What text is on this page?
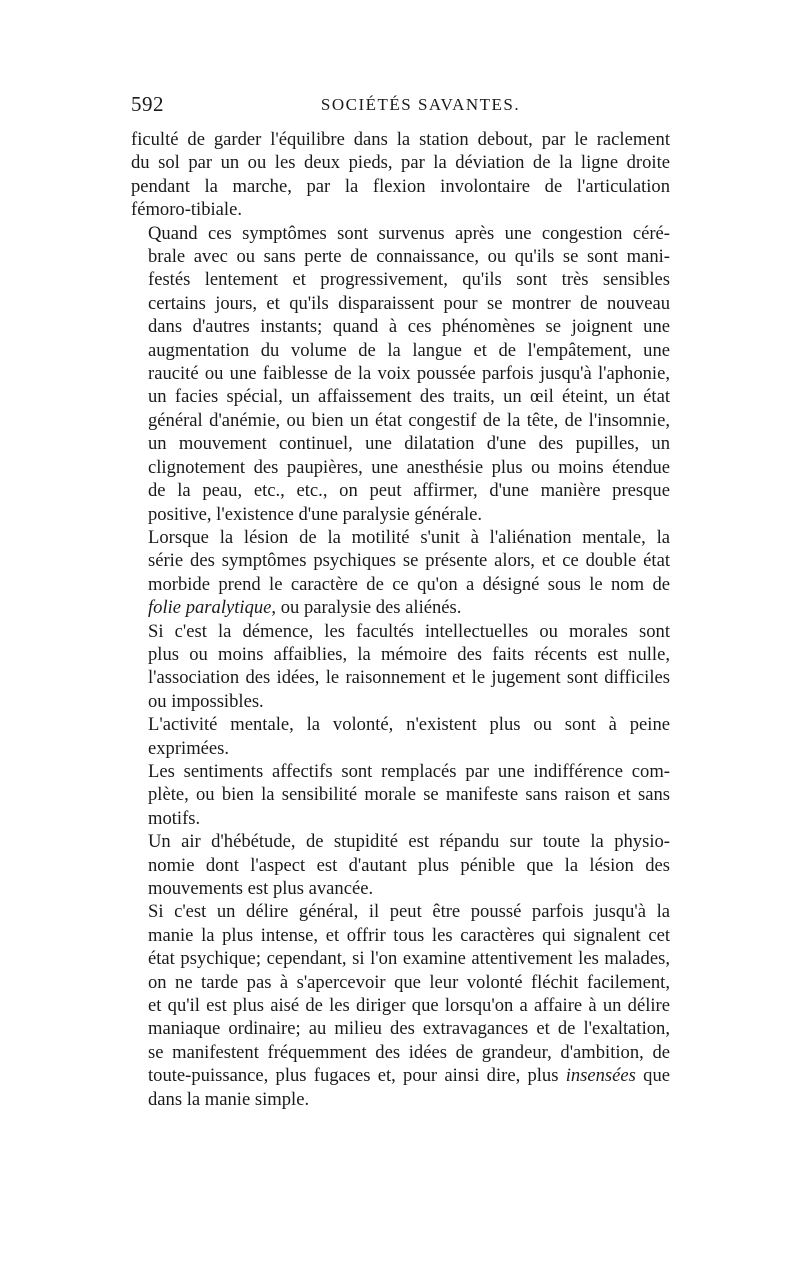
592	SOCIÉTÉS SAVANTES.

ficulté de garder l'équilibre dans la station debout, par le raclement
du sol par un ou les deux pieds, par la déviation de la ligne droite
pendant la marche, par la flexion involontaire de l'articulation
fémoro-tibiale.

Quand ces symptômes sont survenus après une congestion céré-
brale avec ou sans perte de connaissance, ou qu'ils se sont mani-
festés lentement et progressivement, qu'ils sont très sensibles
certains jours, et qu'ils disparaissent pour se montrer de nouveau
dans d'autres instants; quand à ces phénomènes se joignent une
augmentation du volume de la langue et de l'empâtement, une
raucité ou une faiblesse de la voix poussée parfois jusqu'à l'aphonie,
un facies spécial, un affaissement des traits, un œil éteint, un état
général d'anémie, ou bien un état congestif de la tête, de l'insomnie,
un mouvement continuel, une dilatation d'une des pupilles, un
clignotement des paupières, une anesthésie plus ou moins étendue
de la peau, etc., etc., on peut affirmer, d'une manière presque
positive, l'existence d'une paralysie générale.

Lorsque la lésion de la motilité s'unit à l'aliénation mentale, la
série des symptômes psychiques se présente alors, et ce double état
morbide prend le caractère de ce qu'on a désigné sous le nom de
folie paralytique, ou paralysie des aliénés.

Si c'est la démence, les facultés intellectuelles ou morales sont
plus ou moins affaiblies, la mémoire des faits récents est nulle,
l'association des idées, le raisonnement et le jugement sont difficiles
ou impossibles.

L'activité mentale, la volonté, n'existent plus ou sont à peine
exprimées.

Les sentiments affectifs sont remplacés par une indifférence com-
plète, ou bien la sensibilité morale se manifeste sans raison et sans
motifs.

Un air d'hébétude, de stupidité est répandu sur toute la physio-
nomie dont l'aspect est d'autant plus pénible que la lésion des
mouvements est plus avancée.

Si c'est un délire général, il peut être poussé parfois jusqu'à la
manie la plus intense, et offrir tous les caractères qui signalent cet
état psychique; cependant, si l'on examine attentivement les malades,
on ne tarde pas à s'apercevoir que leur volonté fléchit facilement,
et qu'il est plus aisé de les diriger que lorsqu'on a affaire à un délire
maniaque ordinaire; au milieu des extravagances et de l'exaltation,
se manifestent fréquemment des idées de grandeur, d'ambition, de
toute-puissance, plus fugaces et, pour ainsi dire, plus insensées que
dans la manie simple.
